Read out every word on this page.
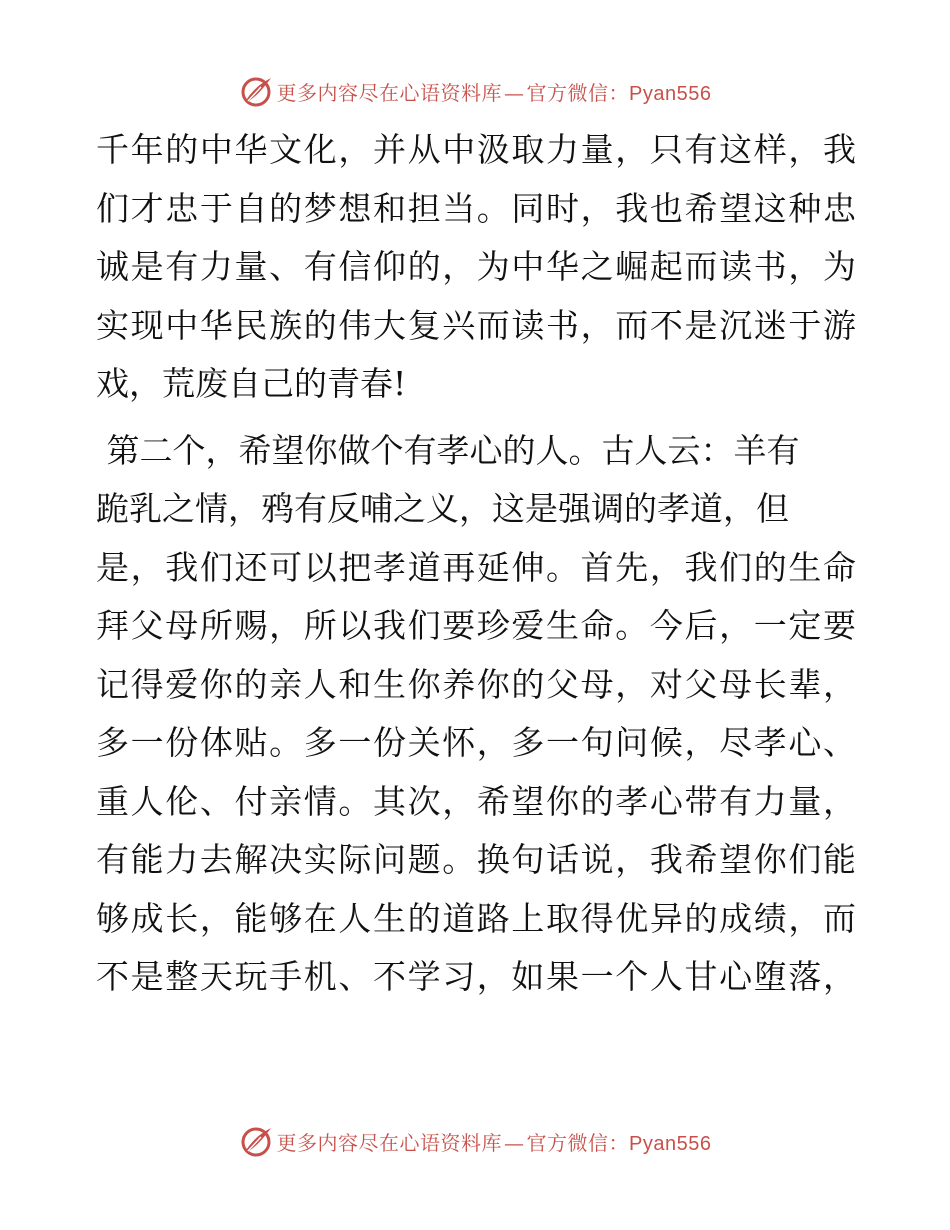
更多内容尽在心语资料库 — 官方微信：Pyan556
千年的中华文化，并从中汲取力量，只有这样，我
们才忠于自的梦想和担当。同时，我也希望这种忠
诚是有力量、有信仰的，为中华之崛起而读书，为
实现中华民族的伟大复兴而读书，而不是沉迷于游
戏，荒废自己的青春!
第二个，希望你做个有孝心的人。古人云：羊有
跪乳之情，鸦有反哺之义，这是强调的孝道，但
是，我们还可以把孝道再延伸。首先，我们的生命
拜父母所赐，所以我们要珍爱生命。今后，一定要
记得爱你的亲人和生你养你的父母，对父母长辈，
多一份体贴。多一份关怀，多一句问候，尽孝心、
重人伦、付亲情。其次，希望你的孝心带有力量，
有能力去解决实际问题。换句话说，我希望你们能
够成长，能够在人生的道路上取得优异的成绩，而
不是整天玩手机、不学习，如果一个人甘心堕落，
更多内容尽在心语资料库 — 官方微信：Pyan556
